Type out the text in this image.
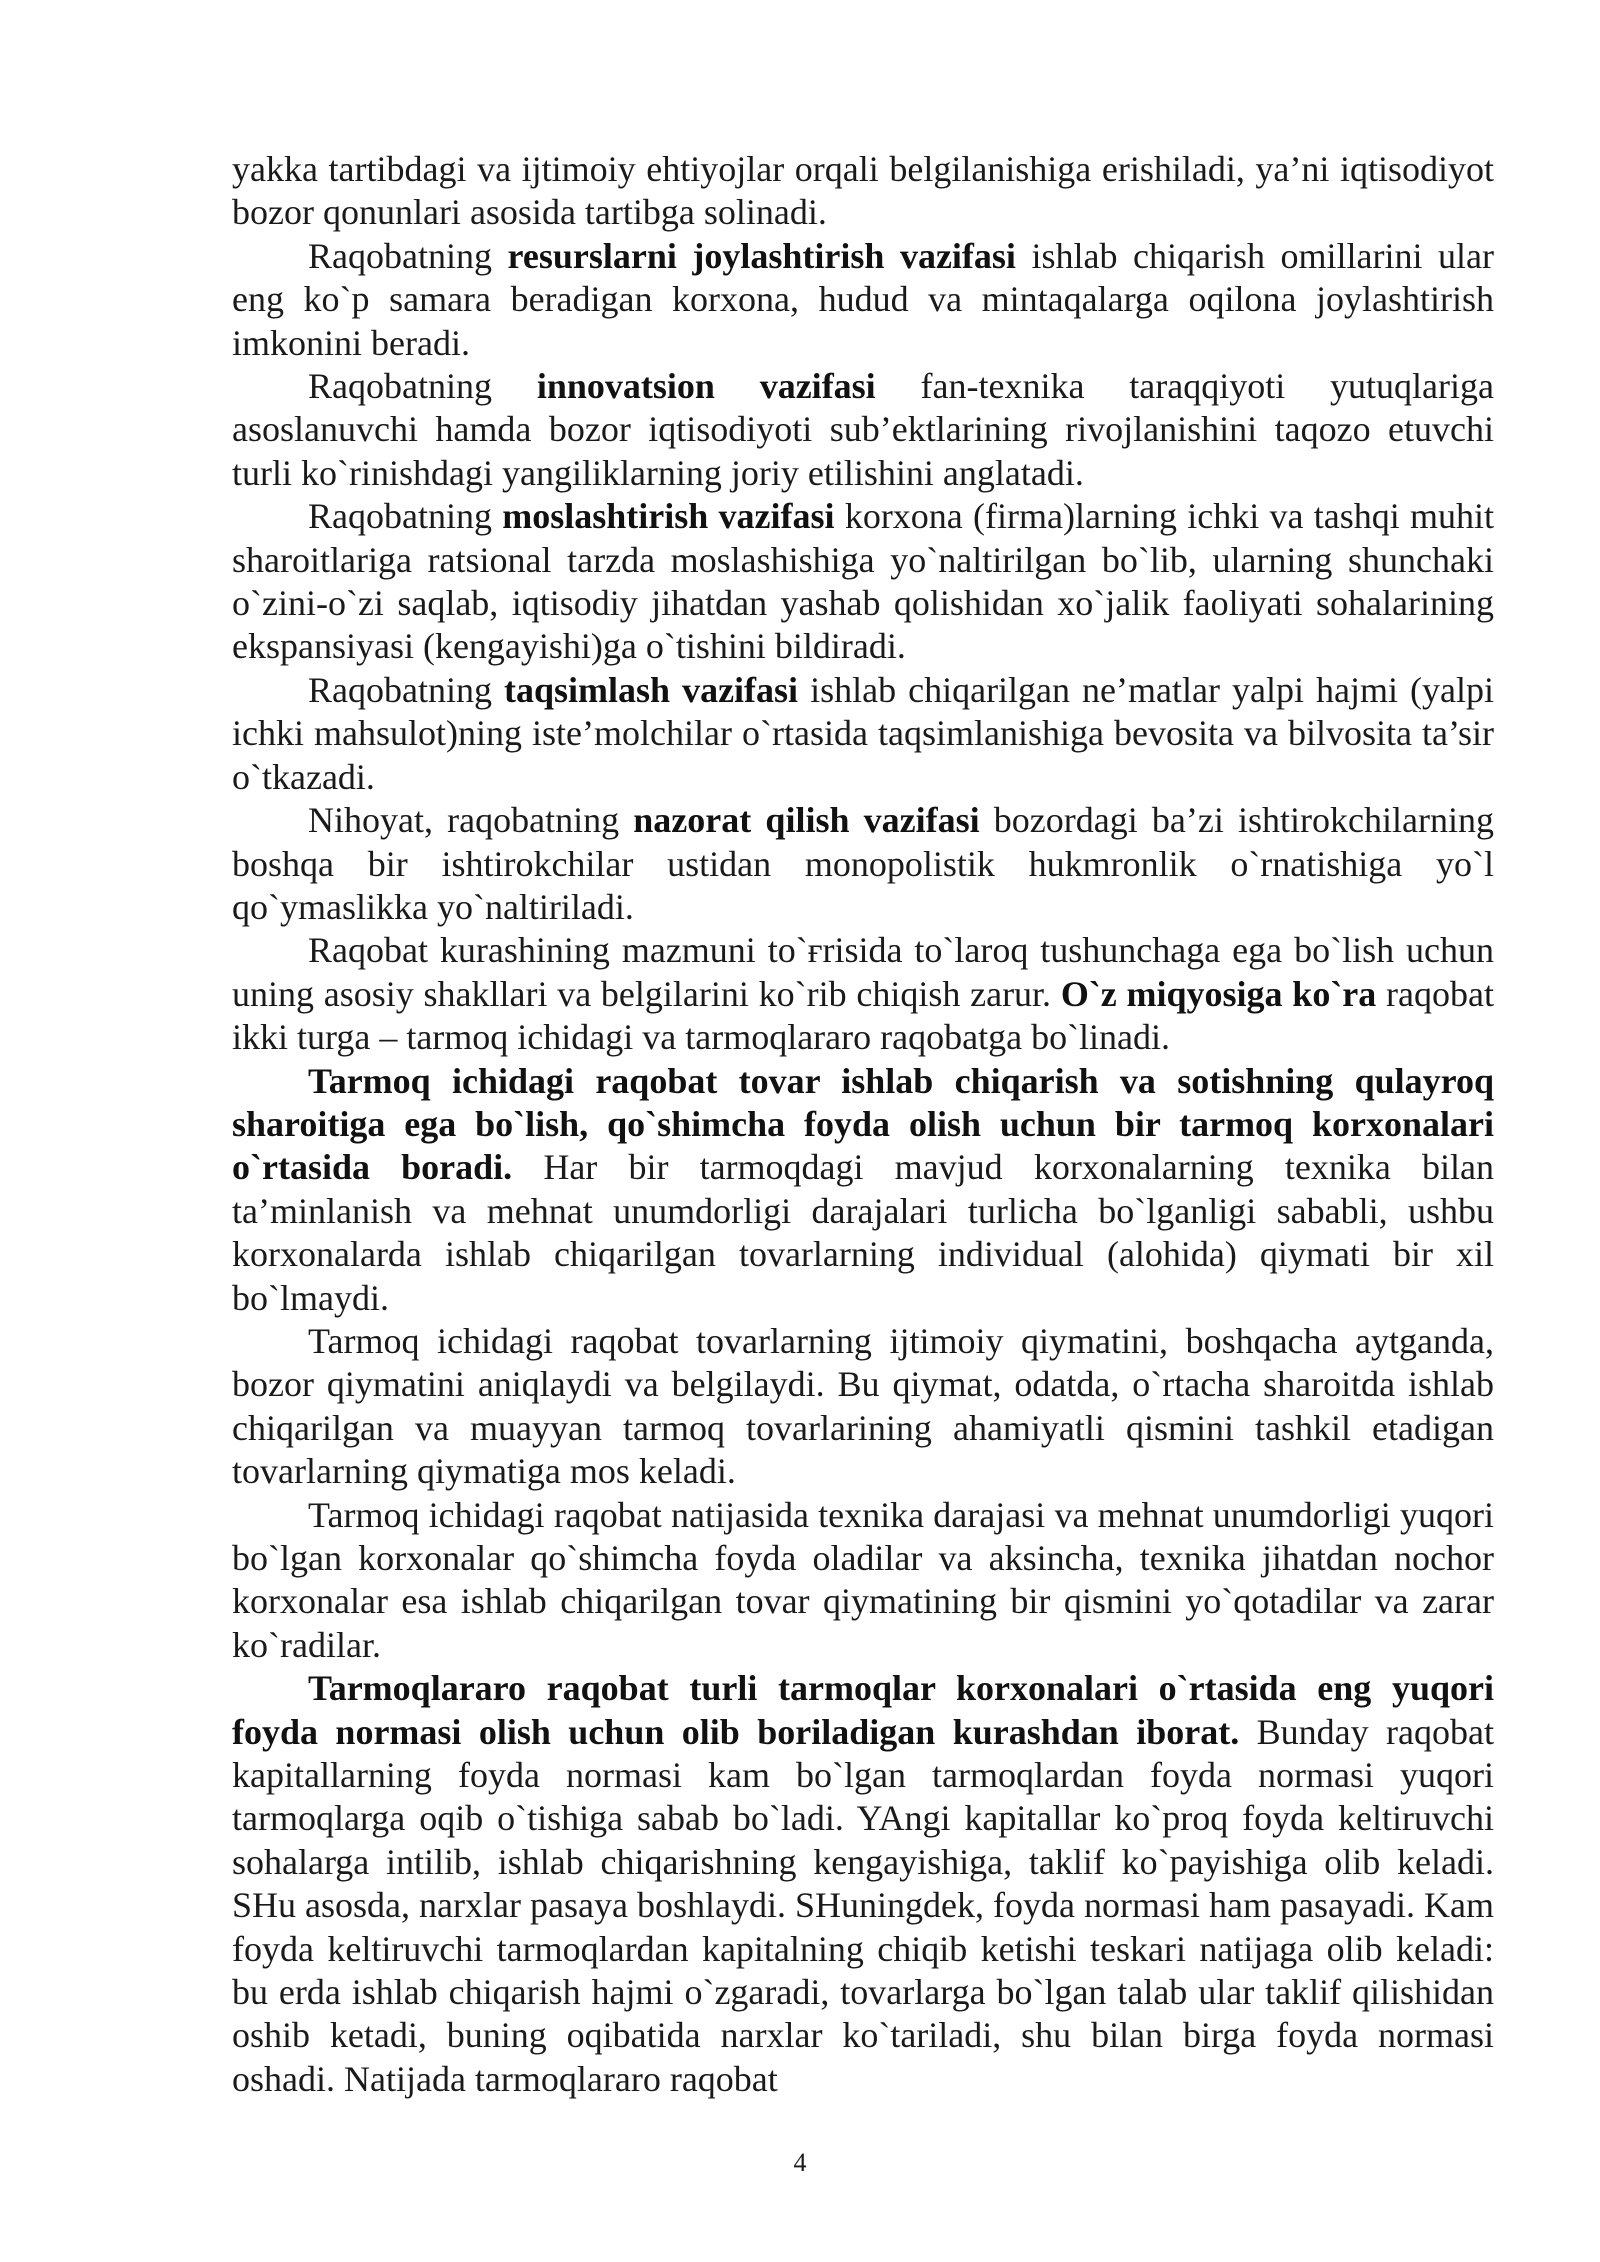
yakka tartibdagi va ijtimoiy ehtiyojlar orqali belgilanishiga erishiladi, ya’ni iqtisodiyot bozor qonunlari asosida tartibga solinadi.

Raqobatning resurslarni joylashtirish vazifasi ishlab chiqarish omillarini ular eng ko`p samara beradigan korxona, hudud va mintaqalarga oqilona joylashtirish imkonini beradi.

Raqobatning innovatsion vazifasi fan-texnika taraqqiyoti yutuqlariga asoslanuvchi hamda bozor iqtisodiyoti sub’ektlarining rivojlanishini taqozo etuvchi turli ko`rinishdagi yangiliklarning joriy etilishini anglatadi.

Raqobatning moslashtirish vazifasi korxona (firma)larning ichki va tashqi muhit sharoitlariga ratsional tarzda moslashishiga yo`naltirilgan bo`lib, ularning shunchaki o`zini-o`zi saqlab, iqtisodiy jihatdan yashab qolishidan xo`jalik faoliyati sohalarining ekspansiyasi (kengayishi)ga o`tishini bildiradi.

Raqobatning taqsimlash vazifasi ishlab chiqarilgan ne’matlar yalpi hajmi (yalpi ichki mahsulot)ning iste’molchilar o`rtasida taqsimlanishiga bevosita va bilvosita ta’sir o`tkazadi.

Nihoyat, raqobatning nazorat qilish vazifasi bozordagi ba’zi ishtirokchilarning boshqa bir ishtirokchilar ustidan monopolistik hukmronlik o`rnatishiga yo`l qo`ymaslikka yo`naltiriladi.

Raqobat kurashining mazmuni to`ғrisida to`laroq tushunchaga ega bo`lish uchun uning asosiy shakllari va belgilarini ko`rib chiqish zarur. O`z miqyosiga ko`ra raqobat ikki turga – tarmoq ichidagi va tarmoqlararo raqobatga bo`linadi.

Tarmoq ichidagi raqobat tovar ishlab chiqarish va sotishning qulayroq sharoitiga ega bo`lish, qo`shimcha foyda olish uchun bir tarmoq korxonalari o`rtasida boradi. Har bir tarmoqdagi mavjud korxonalarning texnika bilan ta’minlanish va mehnat unumdorligi darajalari turlicha bo`lganligi sababli, ushbu korxonalarda ishlab chiqarilgan tovarlarning individual (alohida) qiymati bir xil bo`lmaydi.

Tarmoq ichidagi raqobat tovarlarning ijtimoiy qiymatini, boshqacha aytganda, bozor qiymatini aniqlaydi va belgilaydi. Bu qiymat, odatda, o`rtacha sharoitda ishlab chiqarilgan va muayyan tarmoq tovarlarining ahamiyatli qismini tashkil etadigan tovarlarning qiymatiga mos keladi.

Tarmoq ichidagi raqobat natijasida texnika darajasi va mehnat unumdorligi yuqori bo`lgan korxonalar qo`shimcha foyda oladilar va aksincha, texnika jihatdan nochor korxonalar esa ishlab chiqarilgan tovar qiymatining bir qismini yo`qotadilar va zarar ko`radilar.

Tarmoqlararo raqobat turli tarmoqlar korxonalari o`rtasida eng yuqori foyda normasi olish uchun olib boriladigan kurashdan iborat. Bunday raqobat kapitallarning foyda normasi kam bo`lgan tarmoqlardan foyda normasi yuqori tarmoqlarga oqib o`tishiga sabab bo`ladi. YAngi kapitallar ko`proq foyda keltiruvchi sohalarga intilib, ishlab chiqarishning kengayishiga, taklif ko`payishiga olib keladi. SHu asosda, narxlar pasaya boshlaydi. SHuningdek, foyda normasi ham pasayadi. Kam foyda keltiruvchi tarmoqlardan kapitalning chiqib ketishi teskari natijaga olib keladi: bu erda ishlab chiqarish hajmi o`zgaradi, tovarlarga bo`lgan talab ular taklif qilishidan oshib ketadi, buning oqibatida narxlar ko`tariladi, shu bilan birga foyda normasi oshadi. Natijada tarmoqlararo raqobat

4
